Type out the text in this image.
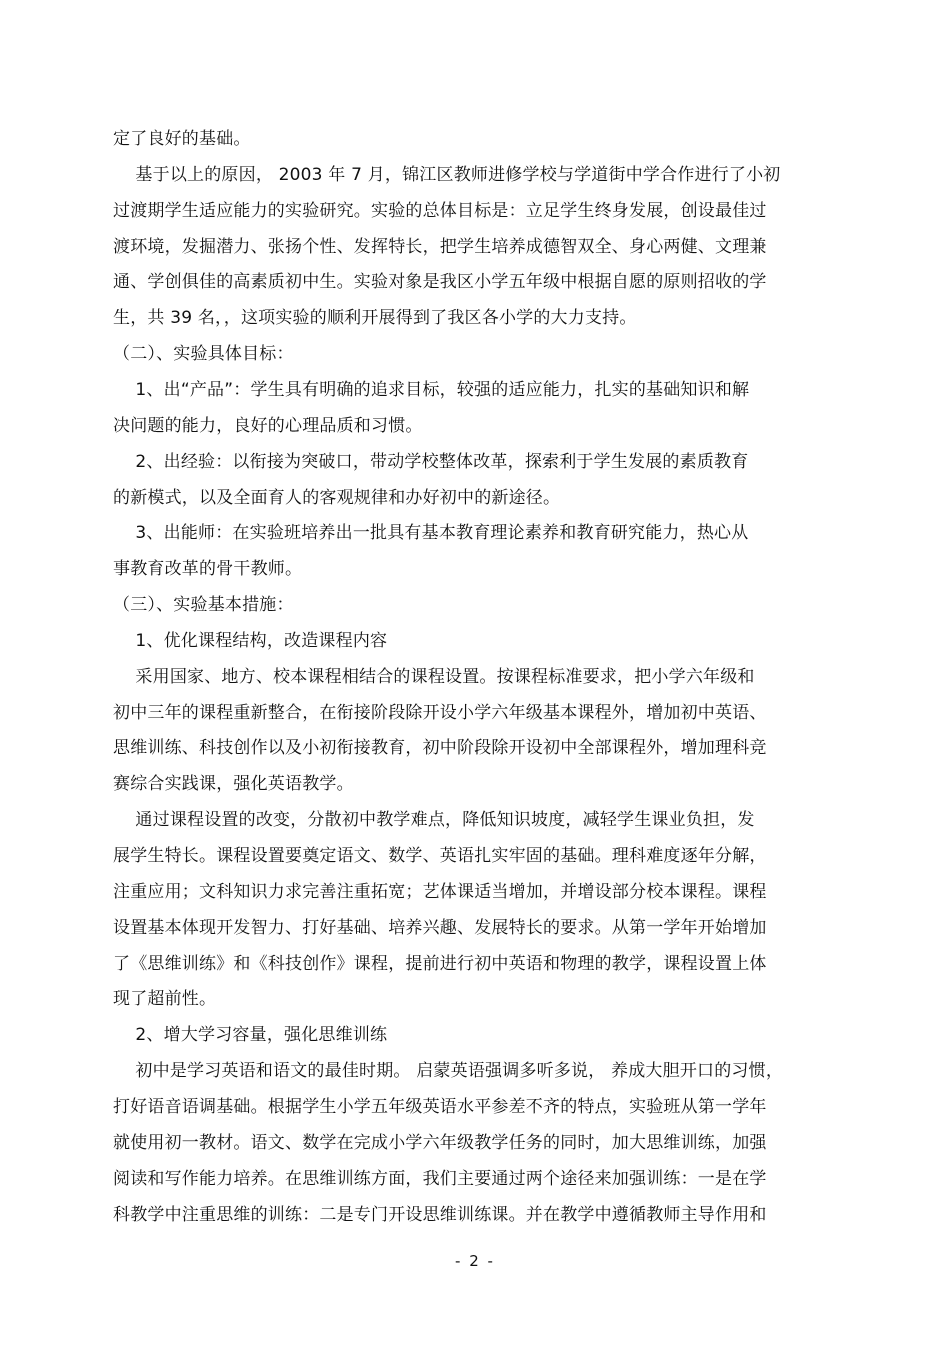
定了良好的基础。
基于以上的原因， 2003 年 7 月，锦江区教师进修学校与学道街中学合作进行了小初
过渡期学生适应能力的实验研究。实验的总体目标是：立足学生终身发展，创设最佳过
渡环境，发掘潜力、张扬个性、发挥特长，把学生培养成德智双全、身心两健、文理兼
通、学创俱佳的高素质初中生。实验对象是我区小学五年级中根据自愿的原则招收的学
生，共 39 名，，这项实验的顺利开展得到了我区各小学的大力支持。
（二）、实验具体目标：
1、出“产品”：学生具有明确的追求目标，较强的适应能力，扎实的基础知识和解
决问题的能力，良好的心理品质和习惯。
2、出经验：以衔接为突破口，带动学校整体改革，探索利于学生发展的素质教育
的新模式，以及全面育人的客观规律和办好初中的新途径。
3、出能师：在实验班培养出一批具有基本教育理论素养和教育研究能力，热心从
事教育改革的骨干教师。
（三）、实验基本措施：
1、优化课程结构，改造课程内容
采用国家、地方、校本课程相结合的课程设置。按课程标准要求，把小学六年级和
初中三年的课程重新整合，在衔接阶段除开设小学六年级基本课程外，增加初中英语、
思维训练、科技创作以及小初衔接教育，初中阶段除开设初中全部课程外，增加理科竞
赛综合实践课，强化英语教学。
通过课程设置的改变，分散初中教学难点，降低知识坡度，减轻学生课业负担，发
展学生特长。课程设置要奠定语文、数学、英语扎实牢固的基础。理科难度逐年分解，
注重应用；文科知识力求完善注重拓宽；艺体课适当增加，并增设部分校本课程。课程
设置基本体现开发智力、打好基础、培养兴趣、发展特长的要求。从第一学年开始增加
了《思维训练》和《科技创作》课程，提前进行初中英语和物理的教学，课程设置上体
现了超前性。
2、增大学习容量，强化思维训练
初中是学习英语和语文的最佳时期。 启蒙英语强调多听多说， 养成大胆开口的习惯，
打好语音语调基础。根据学生小学五年级英语水平参差不齐的特点，实验班从第一学年
就使用初一教材。语文、数学在完成小学六年级教学任务的同时，加大思维训练，加强
阅读和写作能力培养。在思维训练方面，我们主要通过两个途径来加强训练：一是在学
科教学中注重思维的训练：二是专门开设思维训练课。并在教学中遵循教师主导作用和
- 2 -
